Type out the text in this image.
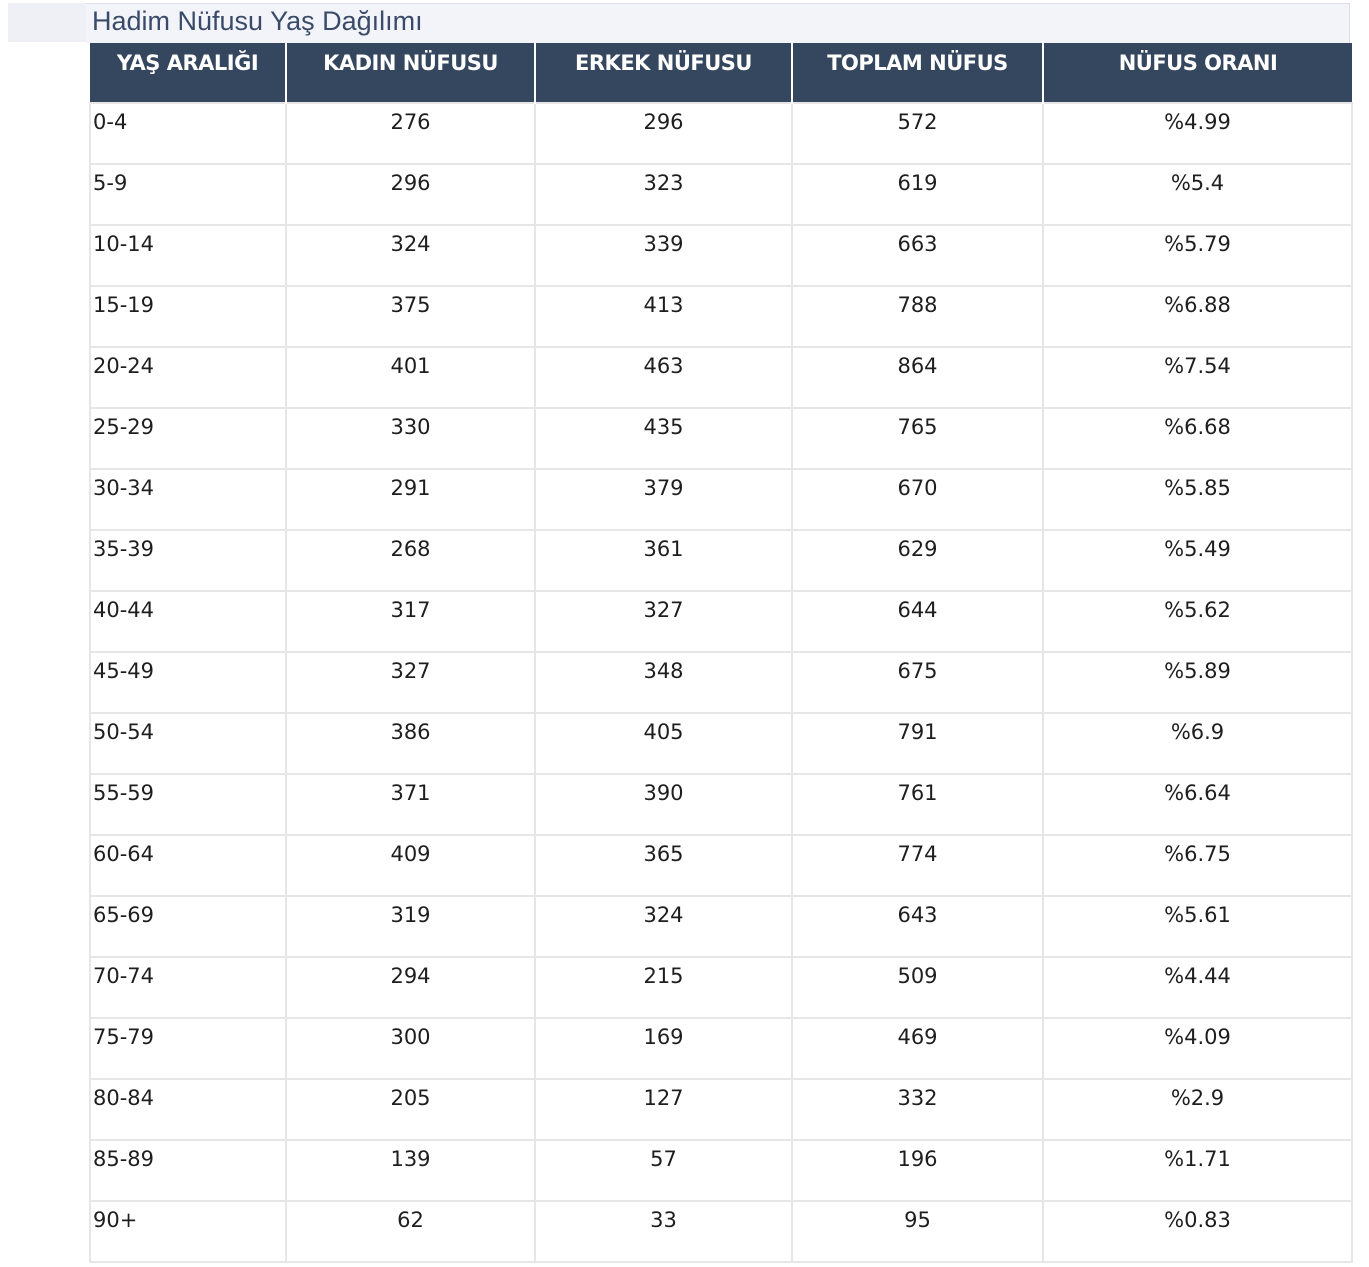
Hadim Nüfusu Yaş Dağılımı
YAŞ ARALIĞI	KADIN NÜFUSU	ERKEK NÜFUSU	TOPLAM NÜFUS	NÜFUS ORANI
0-4	276	296	572	%4.99
5-9	296	323	619	%5.4
10-14	324	339	663	%5.79
15-19	375	413	788	%6.88
20-24	401	463	864	%7.54
25-29	330	435	765	%6.68
30-34	291	379	670	%5.85
35-39	268	361	629	%5.49
40-44	317	327	644	%5.62
45-49	327	348	675	%5.89
50-54	386	405	791	%6.9
55-59	371	390	761	%6.64
60-64	409	365	774	%6.75
65-69	319	324	643	%5.61
70-74	294	215	509	%4.44
75-79	300	169	469	%4.09
80-84	205	127	332	%2.9
85-89	139	57	196	%1.71
90+	62	33	95	%0.83
